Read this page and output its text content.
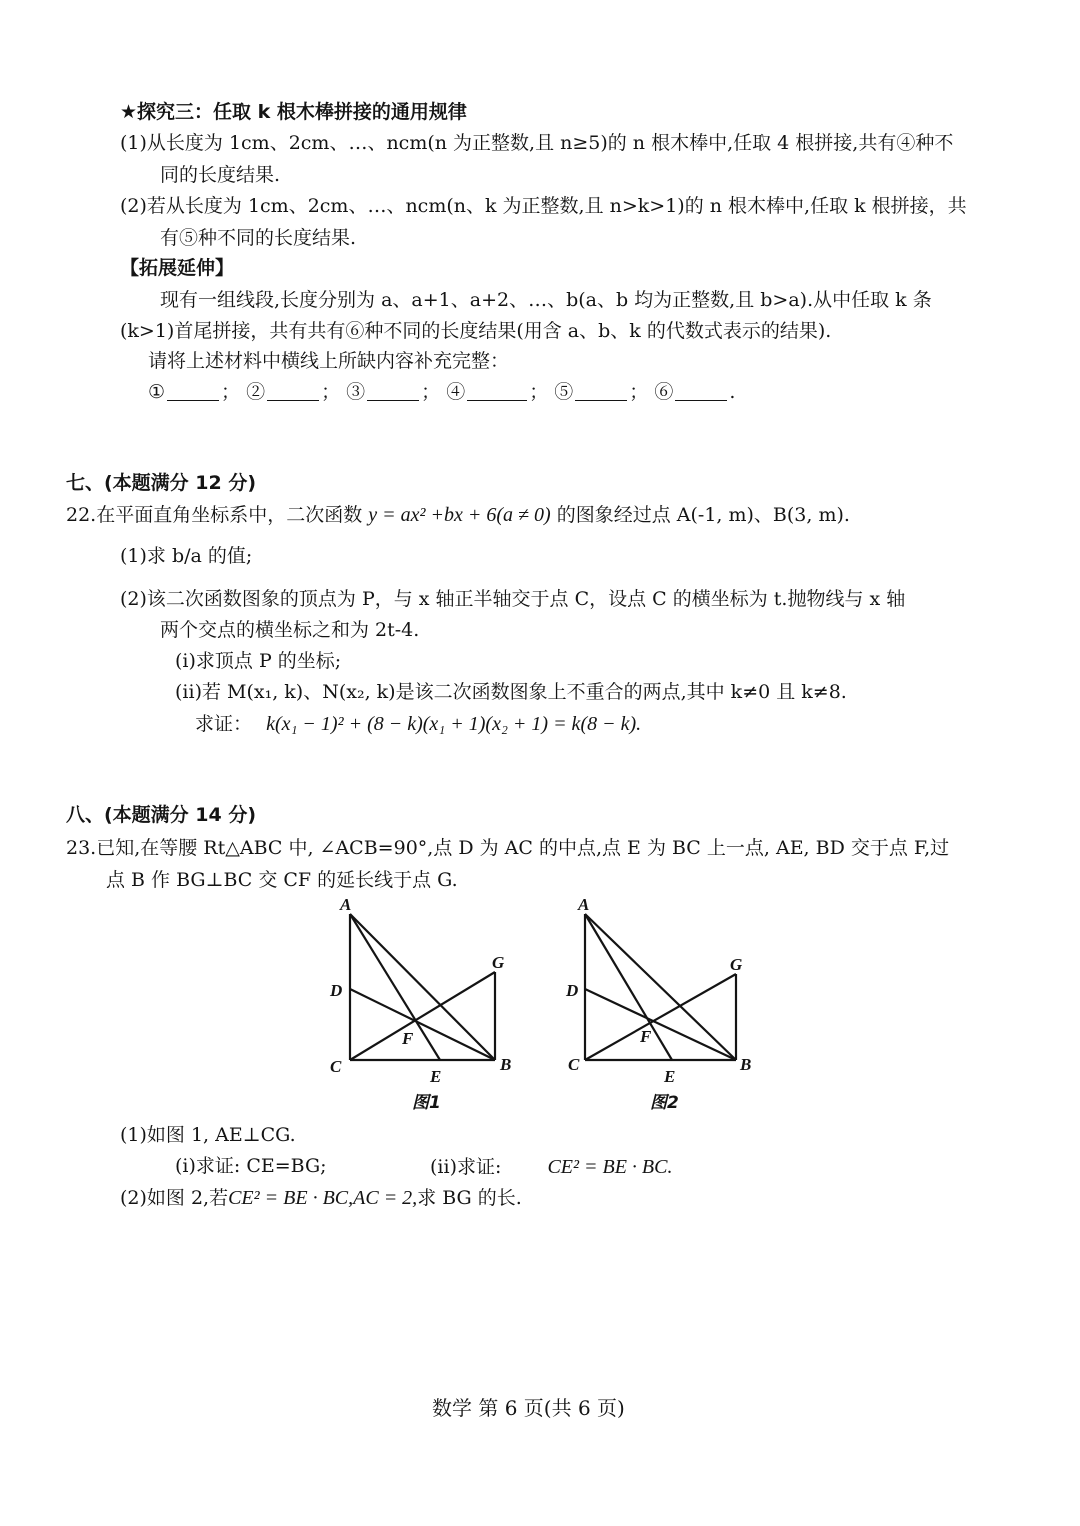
★探究三：任取 k 根木棒拼接的通用规律
(1)从长度为 1cm、2cm、…、ncm(n 为正整数,且 n≥5)的 n 根木棒中,任取 4 根拼接,共有④种不
同的长度结果.
(2)若从长度为 1cm、2cm、…、ncm(n、k 为正整数,且 n>k>1)的 n 根木棒中,任取 k 根拼接，共
有⑤种不同的长度结果.
【拓展延伸】
现有一组线段,长度分别为 a、a+1、a+2、…、b(a、b 均为正整数,且 b>a).从中任取 k 条
(k>1)首尾拼接，共有共有⑥种不同的长度结果(用含 a、b、k 的代数式表示的结果).
请将上述材料中横线上所缺内容补充完整：
①	； ②	； ③	； ④	； ⑤	； ⑥	.
七、(本题满分 12 分)
22.在平面直角坐标系中，二次函数 y = ax² +bx + 6(a ≠ 0) 的图象经过点 A(-1, m)、B(3, m).
(1)求 b/a 的值;
(2)该二次函数图象的顶点为 P，与 x 轴正半轴交于点 C，设点 C 的横坐标为 t.抛物线与 x 轴
两个交点的横坐标之和为 2t-4.
(i)求顶点 P 的坐标;
(ii)若 M(x₁, k)、N(x₂, k)是该二次函数图象上不重合的两点,其中 k≠0 且 k≠8.
求证： k(x₁ − 1)² + (8 − k)(x₁ + 1)(x₂ + 1) = k(8 − k).
八、(本题满分 14 分)
23.已知,在等腰 Rt△ABC 中, ∠ACB=90°,点 D 为 AC 的中点,点 E 为 BC 上一点, AE, BD 交于点 F,过
点 B 作 BG⊥BC 交 CF 的延长线于点 G.
A
D
C
F
E
B
G
图1
A
D
C
F
E
B
G
图2
(1)如图 1, AE⊥CG.
(i)求证: CE=BG;	(ii)求证: CE² = BE · BC.
(2)如图 2,若CE² = BE · BC,AC = 2,求 BG 的长.
数学 第 6 页(共 6 页)
